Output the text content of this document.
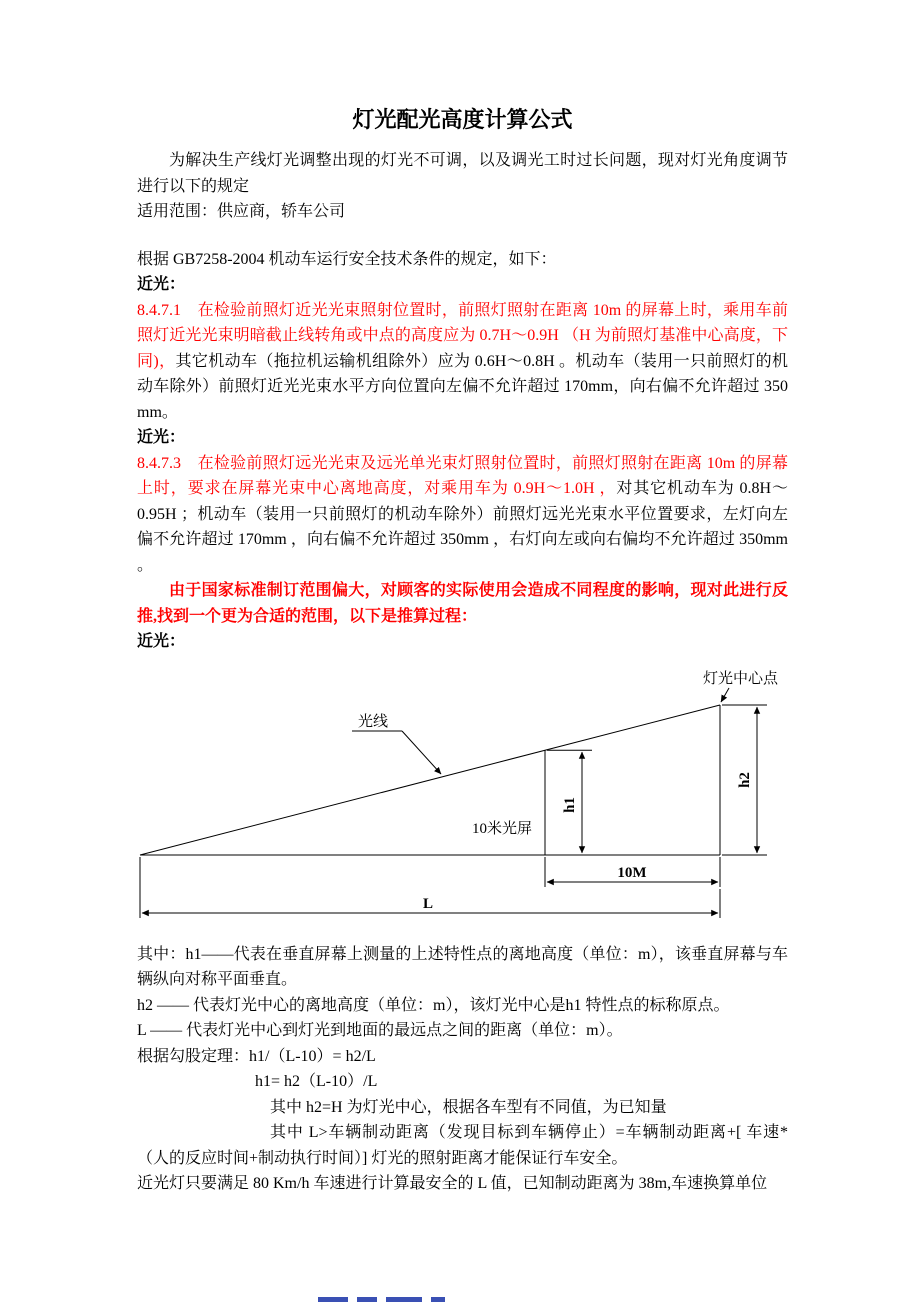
灯光配光高度计算公式

为解决生产线灯光调整出现的灯光不可调，以及调光工时过长问题，现对灯光角度调节进行以下的规定

适用范围：供应商，轿车公司

根据 GB7258-2004 机动车运行安全技术条件的规定，如下：

近光：

8.4.7.1　在检验前照灯近光光束照射位置时，前照灯照射在距离 10m 的屏幕上时，乘用车前照灯近光光束明暗截止线转角或中点的高度应为 0.7H～0.9H （H 为前照灯基准中心高度，下同)，其它机动车（拖拉机运输机组除外）应为 0.6H～0.8H 。机动车（装用一只前照灯的机动车除外）前照灯近光光束水平方向位置向左偏不允许超过 170mm，向右偏不允许超过 350 mm。

近光：

8.4.7.3　在检验前照灯远光光束及远光单光束灯照射位置时，前照灯照射在距离 10m 的屏幕上时，要求在屏幕光束中心离地高度，对乘用车为 0.9H～1.0H ，对其它机动车为 0.8H～0.95H ；机动车（装用一只前照灯的机动车除外）前照灯远光光束水平位置要求，左灯向左偏不允许超过 170mm ，向右偏不允许超过 350mm ，右灯向左或向右偏均不允许超过 350mm 。

由于国家标准制订范围偏大，对顾客的实际使用会造成不同程度的影响，现对此进行反推,找到一个更为合适的范围，以下是推算过程：

近光：

光线
灯光中心点
10米光屏
h1
h2
10M
L

其中：h1——代表在垂直屏幕上测量的上述特性点的离地高度（单位：m），该垂直屏幕与车辆纵向对称平面垂直。

h2 —— 代表灯光中心的离地高度（单位：m），该灯光中心是h1 特性点的标称原点。

L —— 代表灯光中心到灯光到地面的最远点之间的距离（单位：m）。

根据勾股定理：h1/（L-10）= h2/L

h1= h2（L-10）/L

其中 h2=H 为灯光中心，根据各车型有不同值，为已知量

其中 L>车辆制动距离（发现目标到车辆停止）=车辆制动距离+[ 车速*（人的反应时间+制动执行时间）] 灯光的照射距离才能保证行车安全。

近光灯只要满足 80 Km/h 车速进行计算最安全的 L 值，已知制动距离为 38m,车速换算单位
